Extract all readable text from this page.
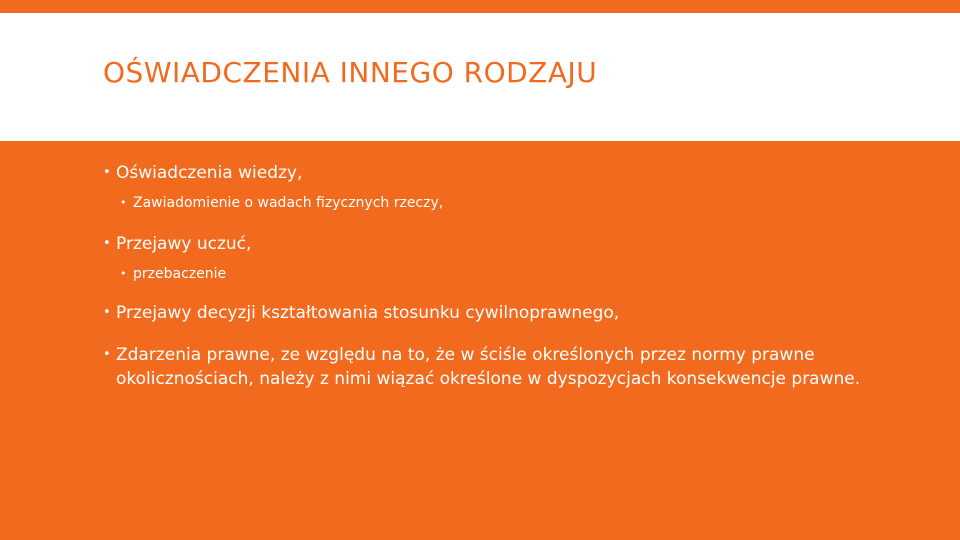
OŚWIADCZENIA INNEGO RODZAJU
• Oświadczenia wiedzy,
• Zawiadomienie o wadach fizycznych rzeczy,
• Przejawy uczuć,
• przebaczenie
• Przejawy decyzji kształtowania stosunku cywilnoprawnego,
• Zdarzenia prawne, ze względu na to, że w ściśle określonych przez normy prawne okolicznościach, należy z nimi wiązać określone w dyspozycjach konsekwencje prawne.
